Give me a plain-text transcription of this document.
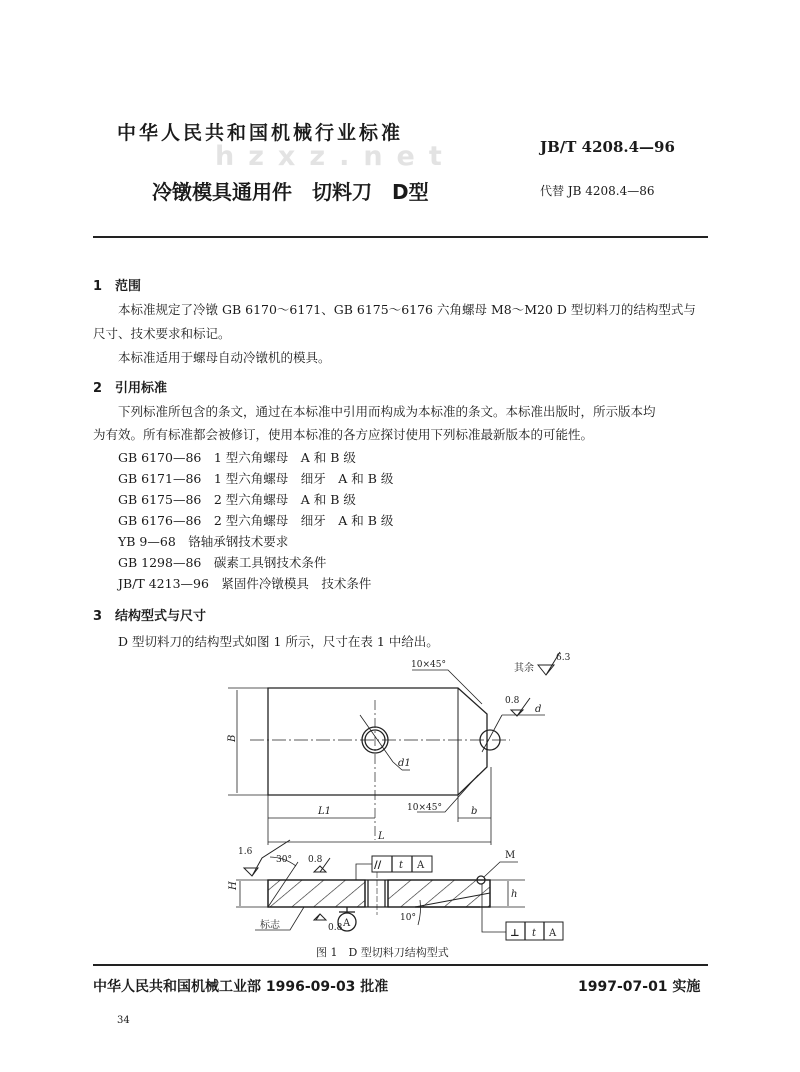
hzxz.net
中华人民共和国机械行业标准
JB/T 4208.4—96
冷镦模具通用件　切料刀　D型	代替 JB 4208.4—86
1　范围
本标准规定了冷镦 GB 6170～6171、GB 6175～6176 六角螺母 M8～M20 D 型切料刀的结构型式与
尺寸、技术要求和标记。
本标准适用于螺母自动冷镦机的模具。
2　引用标准
下列标准所包含的条文，通过在本标准中引用而构成为本标准的条文。本标准出版时，所示版本均
为有效。所有标准都会被修订，使用本标准的各方应探讨使用下列标准最新版本的可能性。
GB 6170—86　1 型六角螺母　A 和 B 级
GB 6171—86　1 型六角螺母　细牙　A 和 B 级
GB 6175—86　2 型六角螺母　A 和 B 级
GB 6176—86　2 型六角螺母　细牙　A 和 B 级
YB 9—68　铬轴承钢技术要求
GB 1298—86　碳素工具钢技术条件
JB/T 4213—96　紧固件冷镦模具　技术条件
3　结构型式与尺寸
D 型切料刀的结构型式如图 1 所示，尺寸在表 1 中给出。
其余
6.3
10×45°
10×45°
0.8
d
d1
B
L1	b
L
H
h
1.6
30° 0.8
0.8
// t A
⊥ t A
A
M
标志
10°
图 1　D 型切料刀结构型式
中华人民共和国机械工业部 1996-09-03 批准	1997-07-01 实施
34
